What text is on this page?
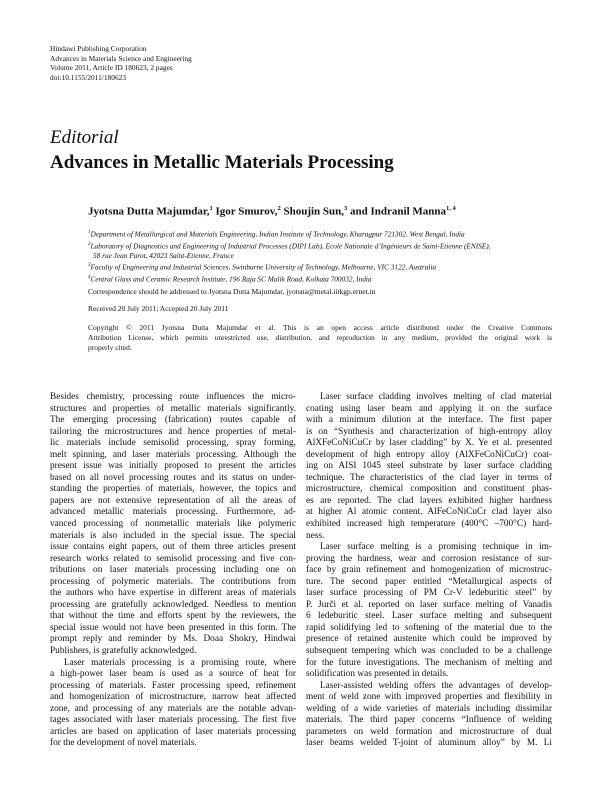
Hindawi Publishing Corporation
Advances in Materials Science and Engineering
Volume 2011, Article ID 180623, 2 pages
doi:10.1155/2011/180623
Editorial
Advances in Metallic Materials Processing
Jyotsna Dutta Majumdar,$^1$ Igor Smurov,$^2$ Shoujin Sun,$^3$ and Indranil Manna$^{1, 4}$
$^1$Department of Metallurgical and Materials Engineering, Indian Institute of Technology, Kharagpur 721302, West Bengal, India
$^2$Laboratory of Diagnostics and Engineering of Industrial Processes (DIPI Lab), Ecole Nationale d’Ingénieurs de Saint-Etienne (ENISE),
58 rue Jean Parot, 42023 Saint-Etienne, France
$^3$Faculty of Engineering and Industrial Sciences, Swinburne University of Technology, Melbourne, VIC 3122, Australia
$^4$Central Glass and Ceramic Research Institute, 196 Raja SC Malik Road, Kolkata 700032, India
Correspondence should be addressed to Jyotsna Dutta Majumdar, jyotsna@metal.iitkgp.ernet.in
Received 20 July 2011; Accepted 20 July 2011
Copyright © 2011 Jyotsna Dutta Majumdar et al. This is an open access article distributed under the Creative Commons
Attribution License, which permits unrestricted use, distribution, and reproduction in any medium, provided the original work is
properly cited.
Besides chemistry, processing route influences the micro-
structures and properties of metallic materials significantly.
The emerging processing (fabrication) routes capable of
tailoring the microstructures and hence properties of metal-
lic materials include semisolid processing, spray forming,
melt spinning, and laser materials processing. Although the
present issue was initially proposed to present the articles
based on all novel processing routes and its status on under-
standing the properties of materials, however, the topics and
papers are not extensive representation of all the areas of
advanced metallic materials processing. Furthermore, ad-
vanced processing of nonmetallic materials like polymeric
materials is also included in the special issue. The special
issue contains eight papers, out of them three articles present
research works related to semisolid processing and five con-
tributions on laser materials processing including one on
processing of polymeric materials. The contributions from
the authors who have expertise in different areas of materials
processing are gratefully acknowledged. Needless to mention
that without the time and efforts spent by the reviewers, the
special issue would not have been presented in this form. The
prompt reply and reminder by Ms. Doaa Shokry, Hindwai
Publishers, is gratefully acknowledged.
Laser materials processing is a promising route, where
a high-power laser beam is used as a source of heat for
processing of materials. Faster processing speed, refinement
and homogenization of microstructure, narrow heat affected
zone, and processing of any materials are the notable advan-
tages associated with laser materials processing. The first five
articles are based on application of laser materials processing
for the development of novel materials.
Laser surface cladding involves melting of clad material
coating using laser beam and applying it on the surface
with a minimum dilution at the interface. The first paper
is on “Synthesis and characterization of high-entropy alloy
AlXFeCoNiCuCr by laser cladding” by X. Ye et al. presented
development of high entropy alloy (AlXFeCoNiCuCr) coat-
ing on AISI 1045 steel substrate by laser surface cladding
technique. The characteristics of the clad layer in terms of
microstructure, chemical composition and constituent phas-
es are reported. The clad layers exhibited higher hardness
at higher Al atomic content. AlFeCoNiCuCr clad layer also
exhibited increased high temperature (400°C –700°C) hard-
ness.
Laser surface melting is a promising technique in im-
proving the hardness, wear and corrosion resistance of sur-
face by grain refinement and homogenization of microstruc-
ture. The second paper entitled “Metallurgical aspects of
laser surface processing of PM Cr-V ledeburitic steel” by
P. Jurči et al. reported on laser surface melting of Vanadis
6 ledeburitic steel. Laser surface melting and subsequent
rapid solidifying led to softening of the material due to the
presence of retained austenite which could be improved by
subsequent tempering which was concluded to be a challenge
for the future investigations. The mechanism of melting and
solidification was presented in details.
Laser-assisted welding offers the advantages of develop-
ment of weld zone with improved properties and flexibility in
welding of a wide varieties of materials including dissimilar
materials. The third paper concerns “Influence of welding
parameters on weld formation and microstructure of dual
laser beams welded T-joint of aluminum alloy” by M. Li
